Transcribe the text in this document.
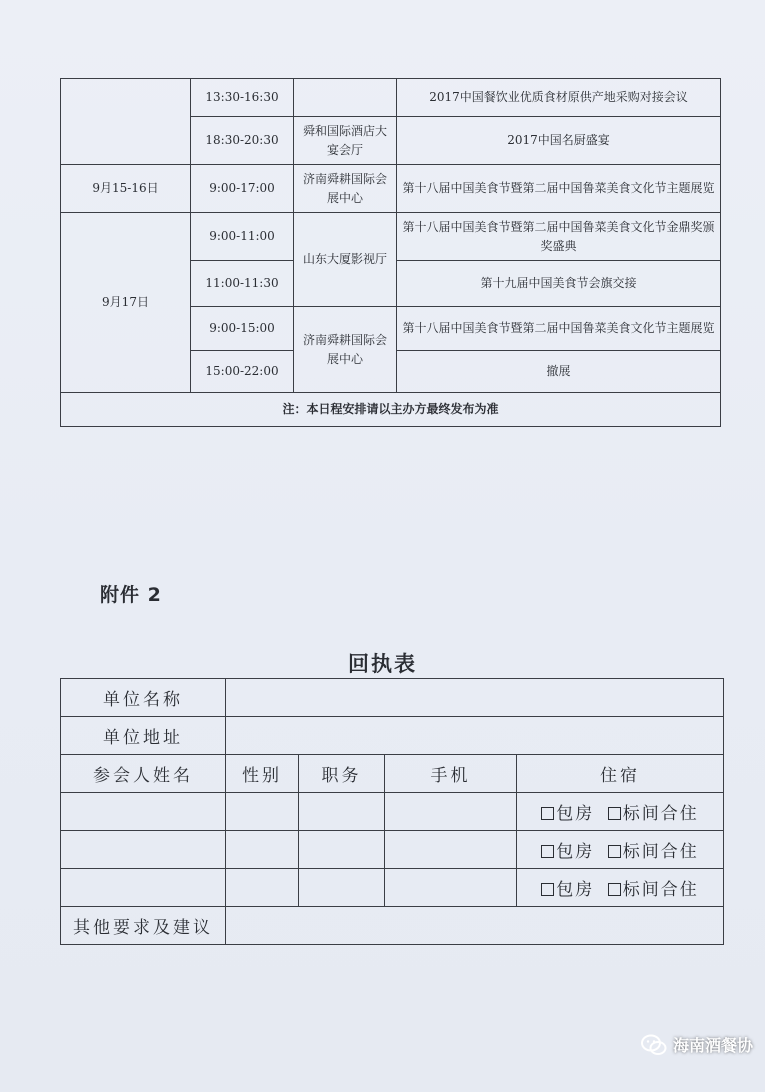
	13:30-16:30		2017中国餐饮业优质食材原供产地采购对接会议
	18:30-20:30	舜和国际酒店大宴会厅	2017中国名厨盛宴
9月15-16日	9:00-17:00	济南舜耕国际会展中心	第十八届中国美食节暨第二届中国鲁菜美食文化节主题展览
9月17日	9:00-11:00	山东大厦影视厅	第十八届中国美食节暨第二届中国鲁菜美食文化节金鼎奖颁奖盛典
	11:00-11:30		第十九届中国美食节会旗交接
	9:00-15:00	济南舜耕国际会展中心	第十八届中国美食节暨第二届中国鲁菜美食文化节主题展览
	15:00-22:00		撤展
注：本日程安排请以主办方最终发布为准			
附件 2
回执表
单位名称				
单位地址				
参会人姓名	性别	职务	手机	住宿
				包房 标间合住
				包房 标间合住
				包房 标间合住
其他要求及建议				
海南酒餐协
